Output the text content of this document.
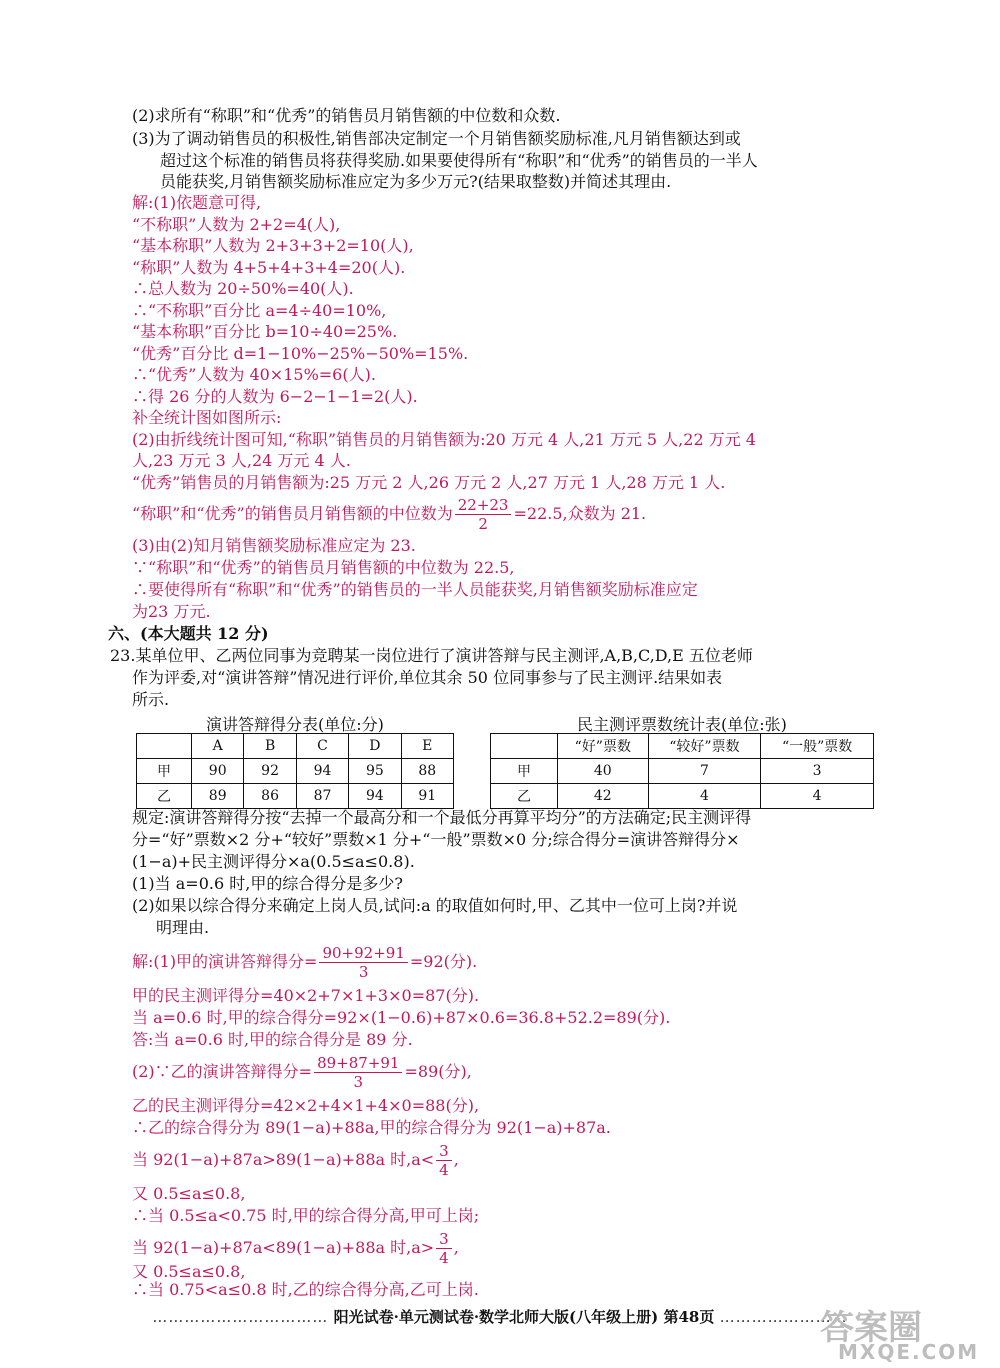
(2)求所有“称职”和“优秀”的销售员月销售额的中位数和众数.
(3)为了调动销售员的积极性,销售部决定制定一个月销售额奖励标准,凡月销售额达到或
超过这个标准的销售员将获得奖励.如果要使得所有“称职”和“优秀”的销售员的一半人
员能获奖,月销售额奖励标准应定为多少万元?(结果取整数)并简述其理由.
解:(1)依题意可得,
“不称职”人数为 2+2=4(人),
“基本称职”人数为 2+3+3+2=10(人),
“称职”人数为 4+5+4+3+4=20(人).
∴总人数为 20÷50%=40(人).
∴“不称职”百分比 a=4÷40=10%,
“基本称职”百分比 b=10÷40=25%.
“优秀”百分比 d=1−10%−25%−50%=15%.
∴“优秀”人数为 40×15%=6(人).
∴得 26 分的人数为 6−2−1−1=2(人).
补全统计图如图所示:
(2)由折线统计图可知,“称职”销售员的月销售额为:20 万元 4 人,21 万元 5 人,22 万元 4
人,23 万元 3 人,24 万元 4 人.
“优秀”销售员的月销售额为:25 万元 2 人,26 万元 2 人,27 万元 1 人,28 万元 1 人.
“称职”和“优秀”的销售员月销售额的中位数为 $\frac{22+23}{2} =22.5$,众数为 21.
(3)由(2)知月销售额奖励标准应定为 23.
∵“称职”和“优秀”的销售员月销售额的中位数为 22.5,
∴要使得所有“称职”和“优秀”的销售员的一半人员能获奖,月销售额奖励标准应定
为23 万元.
六、(本大题共 12 分)
23.某单位甲、乙两位同事为竞聘某一岗位进行了演讲答辩与民主测评,A,B,C,D,E 五位老师
作为评委,对“演讲答辩”情况进行评价,单位其余 50 位同事参与了民主测评.结果如表
所示.
演讲答辩得分表(单位:分)
	A	B	C	D	E
甲	90	92	94	95	88
乙	89	86	87	94	91
民主测评票数统计表(单位:张)
	“好”票数	“较好”票数	“一般”票数
甲	40	7	3
乙	42	4	4
规定:演讲答辩得分按“去掉一个最高分和一个最低分再算平均分”的方法确定;民主测评得
分=“好”票数×2 分+“较好”票数×1 分+“一般”票数×0 分;综合得分=演讲答辩得分×
(1−a)+民主测评得分×a(0.5≤a≤0.8).
(1)当 a=0.6 时,甲的综合得分是多少?
(2)如果以综合得分来确定上岗人员,试问:a 的取值如何时,甲、乙其中一位可上岗?并说
明理由.
解:(1)甲的演讲答辩得分= $\frac{90+92+91}{3} =92$(分).
甲的民主测评得分=40×2+7×1+3×0=87(分).
当 a=0.6 时,甲的综合得分=92×(1−0.6)+87×0.6=36.8+52.2=89(分).
答:当 a=0.6 时,甲的综合得分是 89 分.
(2)∵乙的演讲答辩得分= $\frac{89+87+91}{3} =89$(分),
乙的民主测评得分=42×2+4×1+4×0=88(分),
∴乙的综合得分为 89(1−a)+88a,甲的综合得分为 92(1−a)+87a.
当 92(1−a)+87a>89(1−a)+88a 时$,a< \frac{3}{4}$ ,
又 0.5≤a≤0.8,
∴当 0.5≤a<0.75 时,甲的综合得分高,甲可上岗;
当 92(1−a)+87a<89(1−a)+88a 时$,a> \frac{3}{4}$ ,
又 0.5≤a≤0.8,
∴当 0.75<a≤0.8 时,乙的综合得分高,乙可上岗.
…………………………… 阳光试卷·单元测试卷·数学北师大版(八年级上册) 第48页 ……………………
答案圈
MXQE.COM
